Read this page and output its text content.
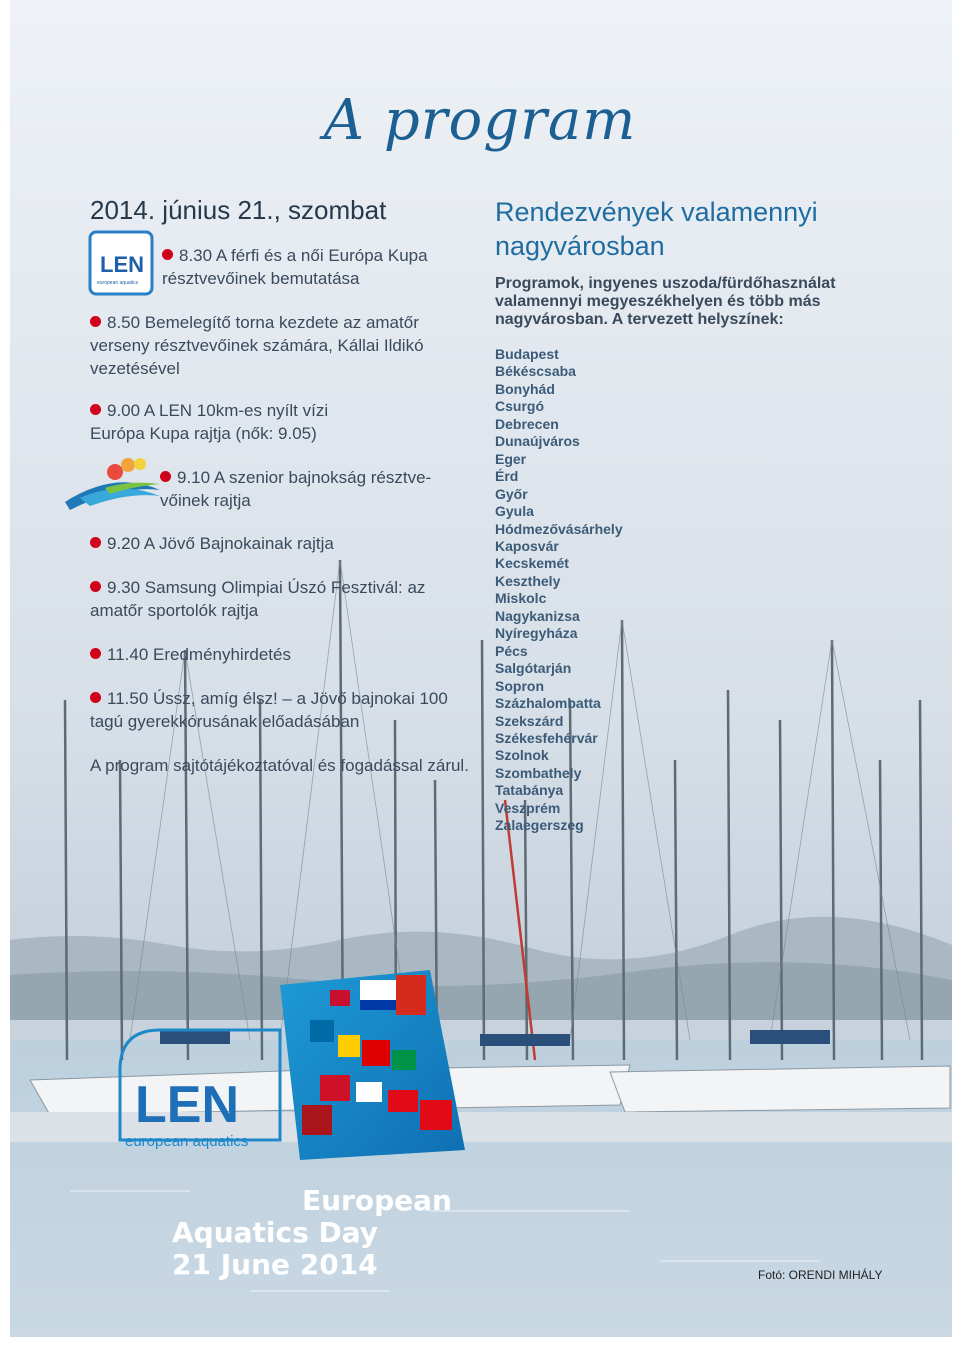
LEN
european aquatics
LEN
european aquatics
A program
2014. június 21., szombat
8.30 A férfi és a női Európa Kupa résztvevőinek bemutatása
8.50 Bemelegítő torna kezdete az amatőr verseny résztvevőinek számára, Kállai Ildikó vezetésével
9.00 A LEN 10km-es nyílt vízi Európa Kupa rajtja (nők: 9.05)
9.10 A szenior bajnokság résztve-vőinek rajtja
9.20 A Jövő Bajnokainak rajtja
9.30 Samsung Olimpiai Úszó Fesztivál: az amatőr sportolók rajtja
11.40 Eredményhirdetés
11.50 Ússz, amíg élsz! – a Jövő bajnokai 100 tagú gyerekkórusának előadásában
A program sajtótájékoztatóval és fogadással zárul.
Rendezvények valamennyi nagyvárosban
Programok, ingyenes uszoda/fürdőhasználat valamennyi megyeszékhelyen és több más nagyvárosban. A tervezett helyszínek:
Budapest
Békéscsaba
Bonyhád
Csurgó
Debrecen
Dunaújváros
Eger
Érd
Győr
Gyula
Hódmezővásárhely
Kaposvár
Kecskemét
Keszthely
Miskolc
Nagykanizsa
Nyíregyháza
Pécs
Salgótarján
Sopron
Százhalombatta
Szekszárd
Székesfehérvár
Szolnok
Szombathely
Tatabánya
Veszprém
Zalaegerszeg
European
Aquatics Day
21 June 2014	Fotó: ORENDI MIHÁLY
